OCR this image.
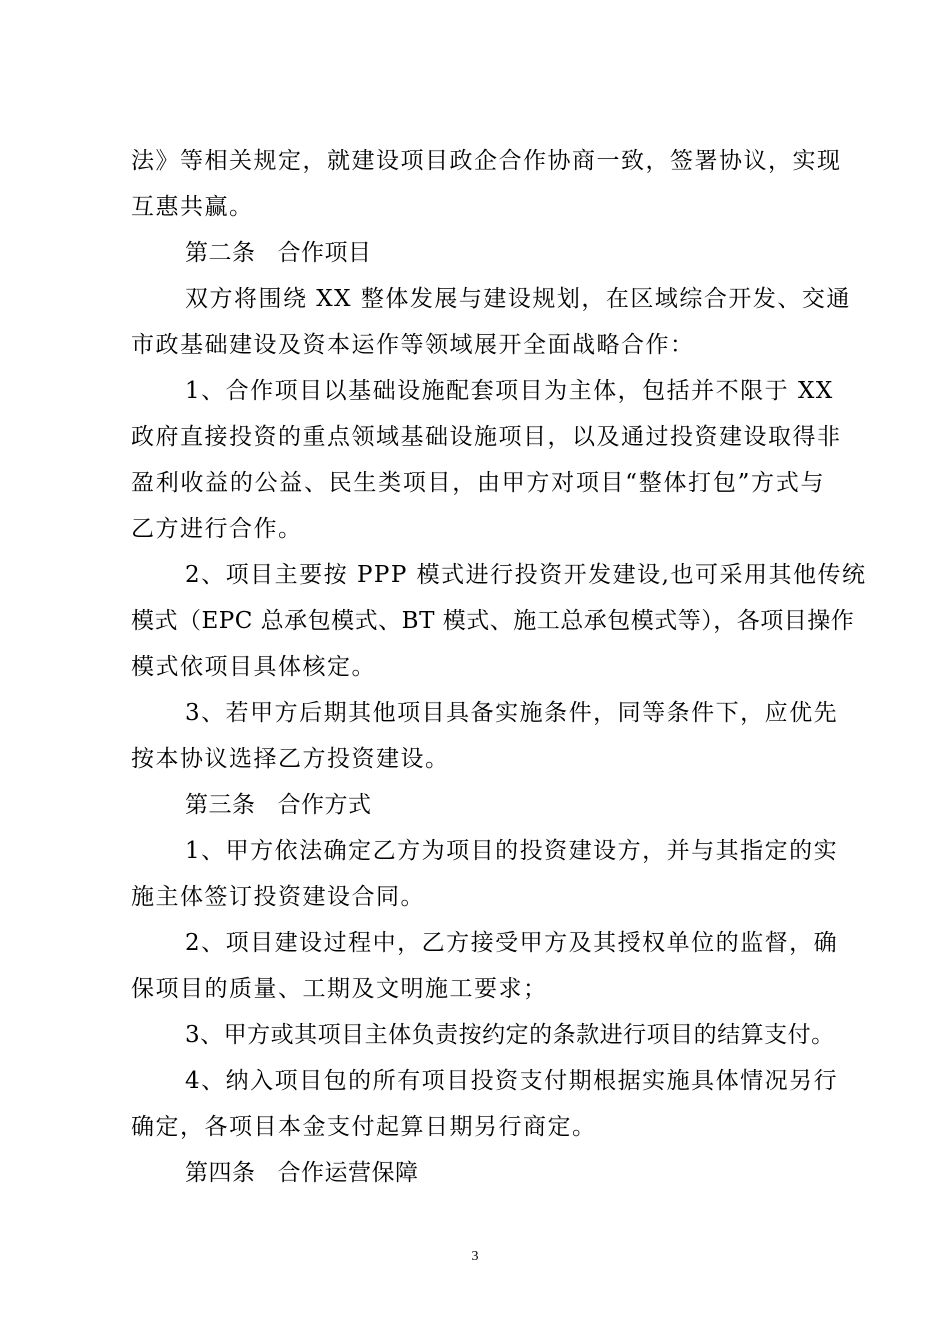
法》等相关规定，就建设项目政企合作协商一致，签署协议，实现
互惠共赢。
第二条 合作项目
双方将围绕 XX 整体发展与建设规划，在区域综合开发、交通
市政基础建设及资本运作等领域展开全面战略合作：
1、合作项目以基础设施配套项目为主体，包括并不限于 XX
政府直接投资的重点领域基础设施项目，以及通过投资建设取得非
盈利收益的公益、民生类项目，由甲方对项目“整体打包”方式与
乙方进行合作。
2、项目主要按 PPP 模式进行投资开发建设,也可采用其他传统
模式（EPC 总承包模式、BT 模式、施工总承包模式等），各项目操作
模式依项目具体核定。
3、若甲方后期其他项目具备实施条件，同等条件下，应优先
按本协议选择乙方投资建设。
第三条 合作方式
1、甲方依法确定乙方为项目的投资建设方，并与其指定的实
施主体签订投资建设合同。
2、项目建设过程中，乙方接受甲方及其授权单位的监督，确
保项目的质量、工期及文明施工要求；
3、甲方或其项目主体负责按约定的条款进行项目的结算支付。
4、纳入项目包的所有项目投资支付期根据实施具体情况另行
确定，各项目本金支付起算日期另行商定。
第四条 合作运营保障
3
